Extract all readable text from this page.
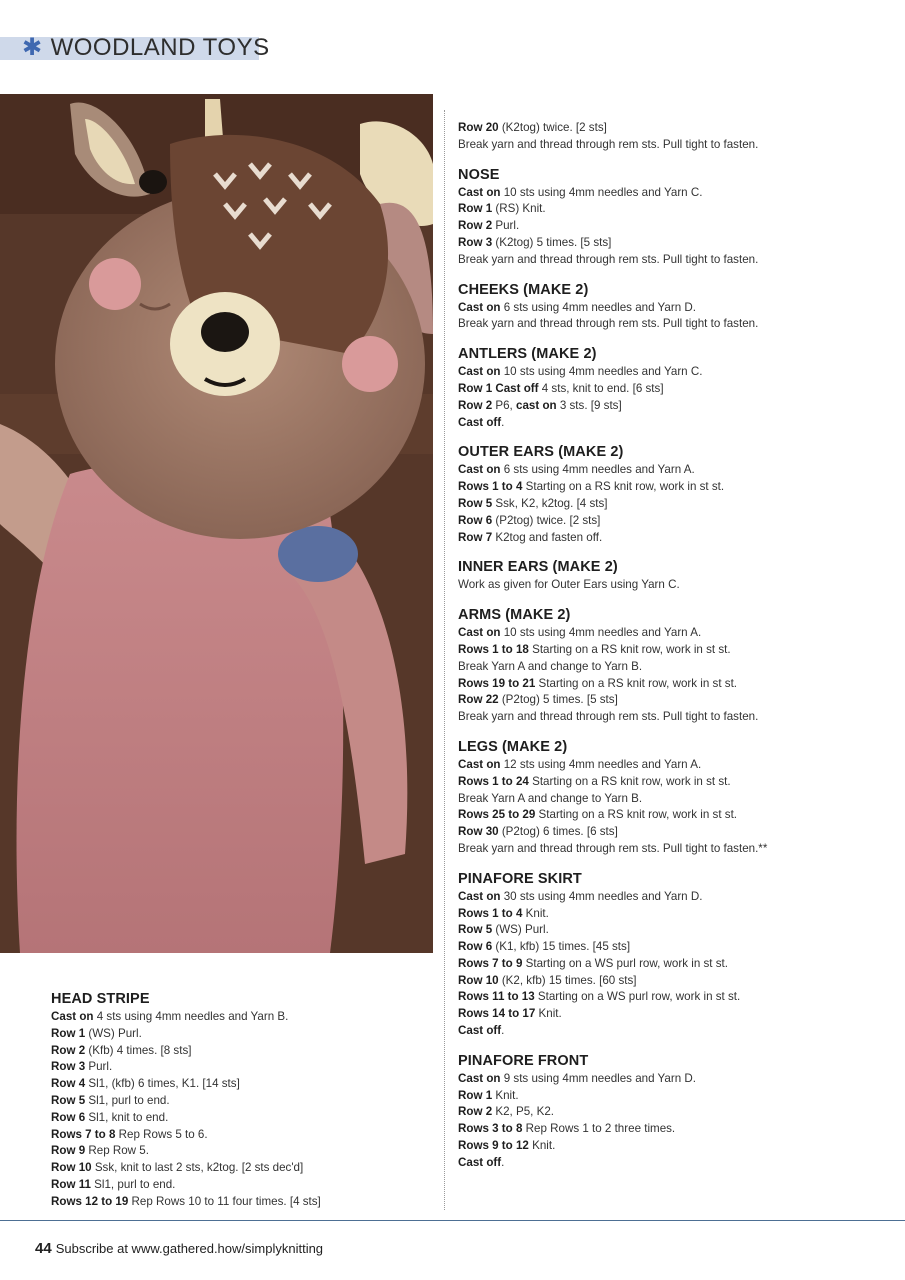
✱ WOODLAND TOYS
HEAD STRIPE
Cast on 4 sts using 4mm needles and Yarn B.
Row 1 (WS) Purl.
Row 2 (Kfb) 4 times. [8 sts]
Row 3 Purl.
Row 4 Sl1, (kfb) 6 times, K1. [14 sts]
Row 5 Sl1, purl to end.
Row 6 Sl1, knit to end.
Rows 7 to 8 Rep Rows 5 to 6.
Row 9 Rep Row 5.
Row 10 Ssk, knit to last 2 sts, k2tog. [2 sts dec'd]
Row 11 Sl1, purl to end.
Rows 12 to 19 Rep Rows 10 to 11 four times. [4 sts]
Row 20 (K2tog) twice. [2 sts]
Break yarn and thread through rem sts. Pull tight to fasten.
NOSE
Cast on 10 sts using 4mm needles and Yarn C.
Row 1 (RS) Knit.
Row 2 Purl.
Row 3 (K2tog) 5 times. [5 sts]
Break yarn and thread through rem sts. Pull tight to fasten.
CHEEKS (MAKE 2)
Cast on 6 sts using 4mm needles and Yarn D.
Break yarn and thread through rem sts. Pull tight to fasten.
ANTLERS (MAKE 2)
Cast on 10 sts using 4mm needles and Yarn C.
Row 1 Cast off 4 sts, knit to end. [6 sts]
Row 2 P6, cast on 3 sts. [9 sts]
Cast off.
OUTER EARS (MAKE 2)
Cast on 6 sts using 4mm needles and Yarn A.
Rows 1 to 4 Starting on a RS knit row, work in st st.
Row 5 Ssk, K2, k2tog. [4 sts]
Row 6 (P2tog) twice. [2 sts]
Row 7 K2tog and fasten off.
INNER EARS (MAKE 2)
Work as given for Outer Ears using Yarn C.
ARMS (MAKE 2)
Cast on 10 sts using 4mm needles and Yarn A.
Rows 1 to 18 Starting on a RS knit row, work in st st.
Break Yarn A and change to Yarn B.
Rows 19 to 21 Starting on a RS knit row, work in st st.
Row 22 (P2tog) 5 times. [5 sts]
Break yarn and thread through rem sts. Pull tight to fasten.
LEGS (MAKE 2)
Cast on 12 sts using 4mm needles and Yarn A.
Rows 1 to 24 Starting on a RS knit row, work in st st.
Break Yarn A and change to Yarn B.
Rows 25 to 29 Starting on a RS knit row, work in st st.
Row 30 (P2tog) 6 times. [6 sts]
Break yarn and thread through rem sts. Pull tight to fasten.**
PINAFORE SKIRT
Cast on 30 sts using 4mm needles and Yarn D.
Rows 1 to 4 Knit.
Row 5 (WS) Purl.
Row 6 (K1, kfb) 15 times. [45 sts]
Rows 7 to 9 Starting on a WS purl row, work in st st.
Row 10 (K2, kfb) 15 times. [60 sts]
Rows 11 to 13 Starting on a WS purl row, work in st st.
Rows 14 to 17 Knit.
Cast off.
PINAFORE FRONT
Cast on 9 sts using 4mm needles and Yarn D.
Row 1 Knit.
Row 2 K2, P5, K2.
Rows 3 to 8 Rep Rows 1 to 2 three times.
Rows 9 to 12 Knit.
Cast off.
44 Subscribe at www.gathered.how/simplyknitting
